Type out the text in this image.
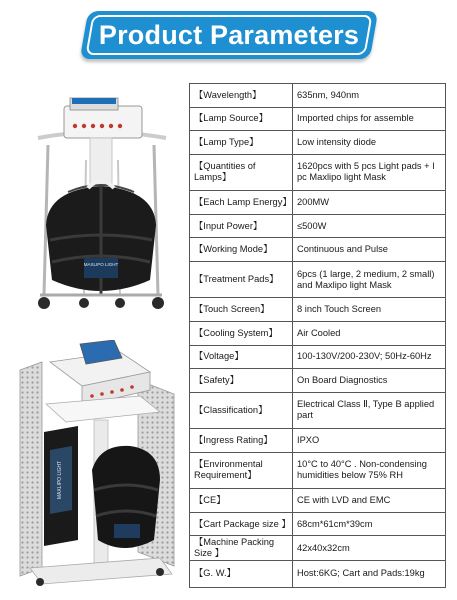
Product Parameters
MAXLIPO LIGHT
MAXLIPO LIGHT
【Wavelength】	635nm, 940nm
【Lamp Source】	Imported chips for assemble
【Lamp Type】	Low intensity diode
【Quantities of Lamps】	1620pcs with 5 pcs Light pads + I pc Maxlipo light Mask
【Each Lamp Energy】	200MW
【Input Power】	≤500W
【Working Mode】	Continuous and Pulse
【Treatment Pads】	6pcs (1 large, 2 medium, 2 small) and Maxlipo light Mask
【Touch Screen】	8 inch Touch Screen
【Cooling System】	Air Cooled
【Voltage】	100-130V/200-230V; 50Hz-60Hz
【Safety】	On Board Diagnostics
【Classification】	Electrical Class Ⅱ, Type B applied part
【Ingress Rating】	IPXO
【Environmental Requirement】	10°C to 40°C . Non-condensing humidities below 75% RH
【CE】	CE with LVD and EMC
【Cart Package size 】	68cm*61cm*39cm
【Machine Packing Size 】	42x40x32cm
【G. W.】	Host:6KG; Cart and Pads:19kg
